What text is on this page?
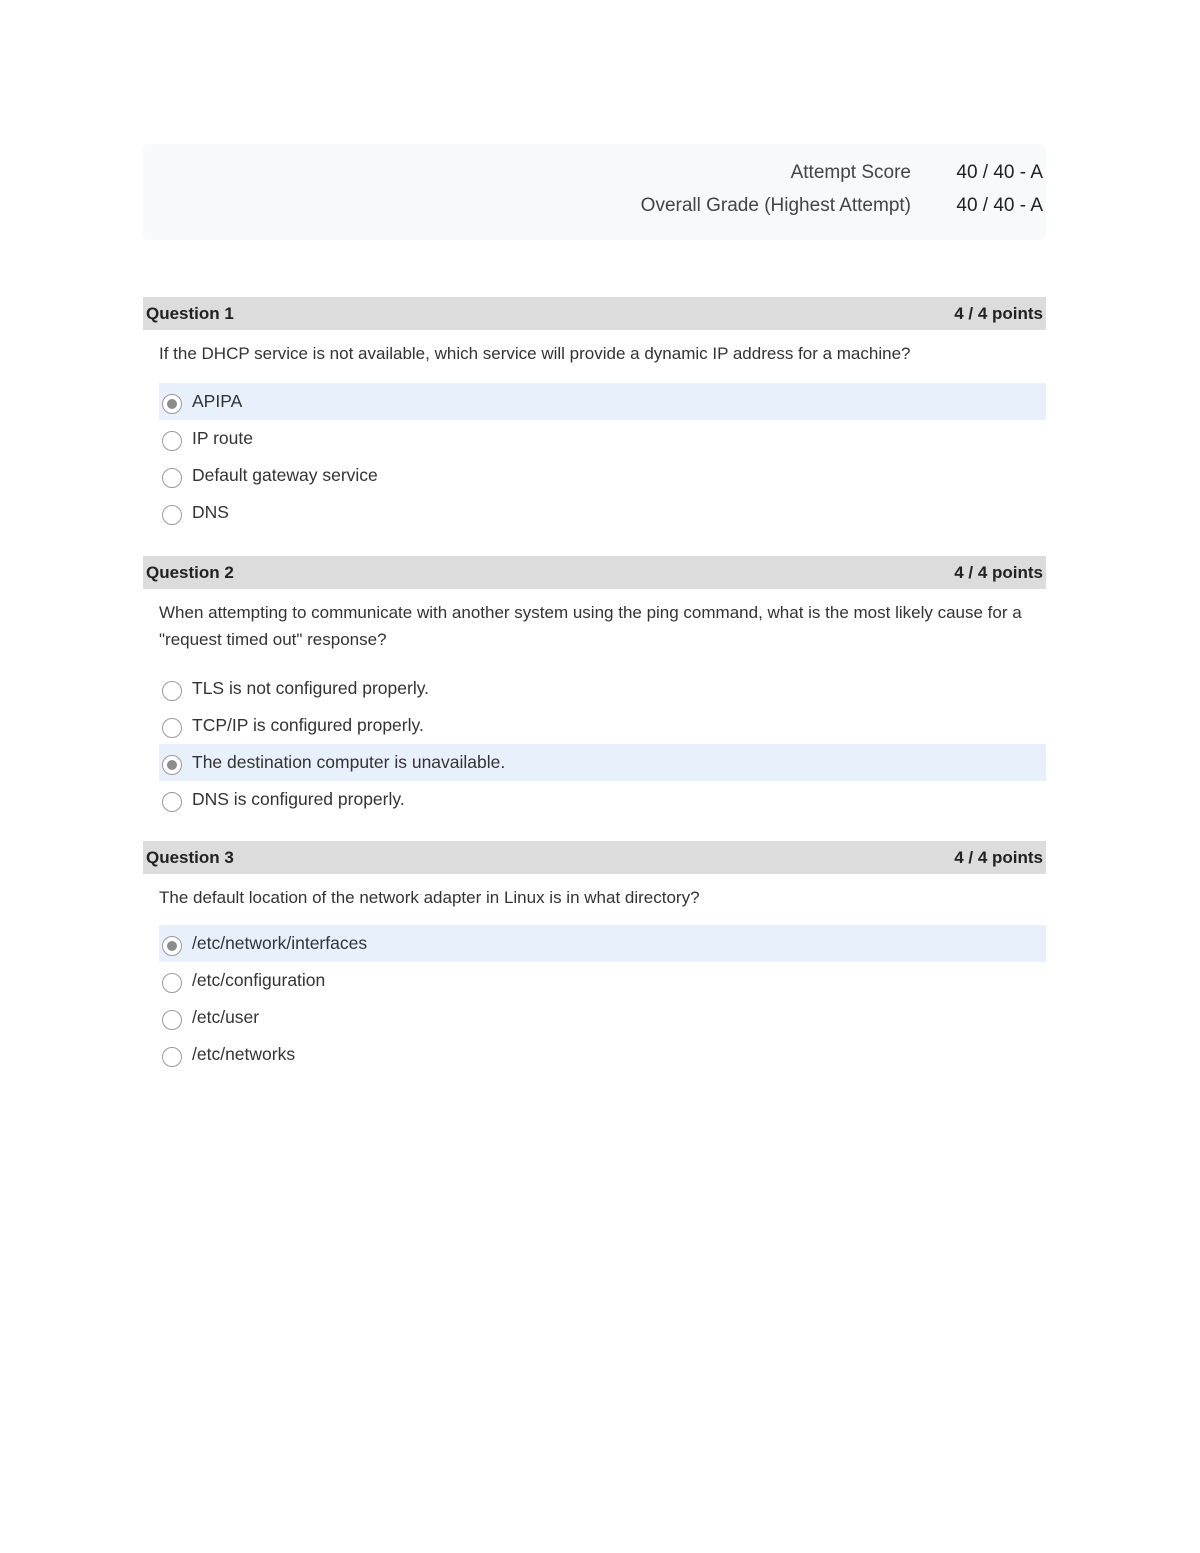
Attempt Score 40 / 40 - A
Overall Grade (Highest Attempt) 40 / 40 - A
Question 1	4 / 4 points
If the DHCP service is not available, which service will provide a dynamic IP address for a machine?
APIPA
IP route
Default gateway service
DNS
Question 2	4 / 4 points
When attempting to communicate with another system using the ping command, what is the most likely cause for a "request timed out" response?
TLS is not configured properly.
TCP/IP is configured properly.
The destination computer is unavailable.
DNS is configured properly.
Question 3	4 / 4 points
The default location of the network adapter in Linux is in what directory?
/etc/network/interfaces
/etc/configuration
/etc/user
/etc/networks
